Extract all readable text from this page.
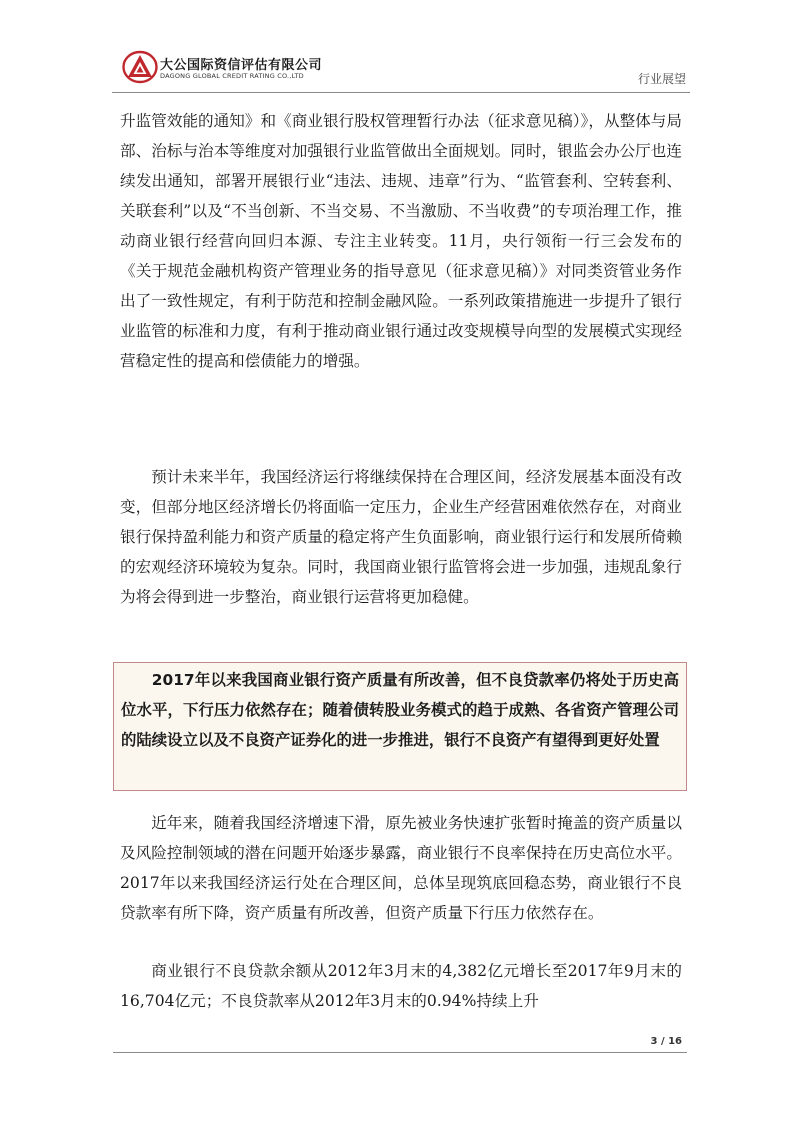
大公国际资信评估有限公司
DAGONG GLOBAL CREDIT RATING CO.,LTD	行业展望

升监管效能的通知》和《商业银行股权管理暂行办法（征求意见稿）》，从整体与局部、治标与治本等维度对加强银行业监管做出全面规划。同时，银监会办公厅也连续发出通知，部署开展银行业“违法、违规、违章”行为、“监管套利、空转套利、关联套利”以及“不当创新、不当交易、不当激励、不当收费”的专项治理工作，推动商业银行经营向回归本源、专注主业转变。11月，央行领衔一行三会发布的《关于规范金融机构资产管理业务的指导意见（征求意见稿）》对同类资管业务作出了一致性规定，有利于防范和控制金融风险。一系列政策措施进一步提升了银行业监管的标准和力度，有利于推动商业银行通过改变规模导向型的发展模式实现经营稳定性的提高和偿债能力的增强。

预计未来半年，我国经济运行将继续保持在合理区间，经济发展基本面没有改变，但部分地区经济增长仍将面临一定压力，企业生产经营困难依然存在，对商业银行保持盈利能力和资产质量的稳定将产生负面影响，商业银行运行和发展所倚赖的宏观经济环境较为复杂。同时，我国商业银行监管将会进一步加强，违规乱象行为将会得到进一步整治，商业银行运营将更加稳健。

2017年以来我国商业银行资产质量有所改善，但不良贷款率仍将处于历史高位水平，下行压力依然存在；随着债转股业务模式的趋于成熟、各省资产管理公司的陆续设立以及不良资产证券化的进一步推进，银行不良资产有望得到更好处置

近年来，随着我国经济增速下滑，原先被业务快速扩张暂时掩盖的资产质量以及风险控制领域的潜在问题开始逐步暴露，商业银行不良率保持在历史高位水平。2017年以来我国经济运行处在合理区间，总体呈现筑底回稳态势，商业银行不良贷款率有所下降，资产质量有所改善，但资产质量下行压力依然存在。

商业银行不良贷款余额从2012年3月末的4,382亿元增长至2017年9月末的16,704亿元；不良贷款率从2012年3月末的0.94%持续上升

3 / 16
